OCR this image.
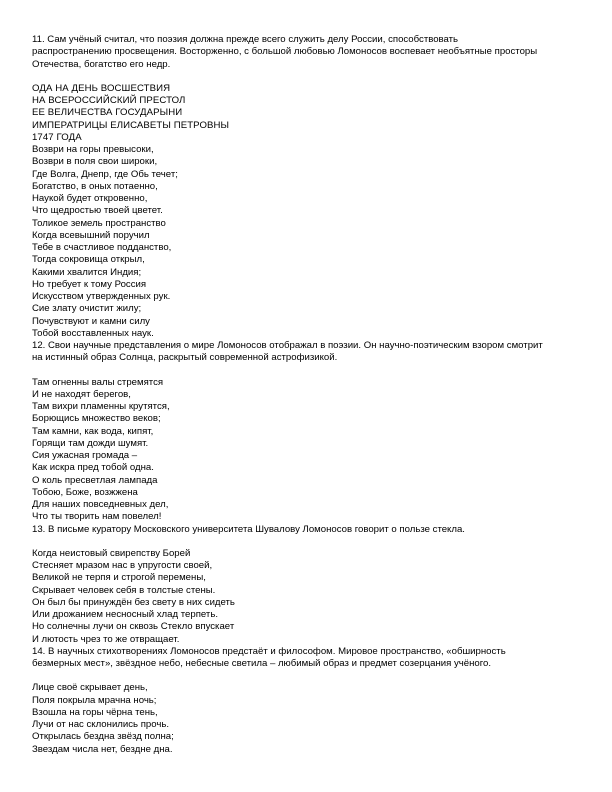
11. Сам учёный считал, что поэзия должна прежде всего служить делу России, способствовать
распространению просвещения. Восторженно, с большой любовью Ломоносов воспевает необъятные просторы
Отечества, богатство его недр.
ОДА НА ДЕНЬ ВОСШЕСТВИЯ
НА ВСЕРОССИЙСКИЙ ПРЕСТОЛ
ЕЕ ВЕЛИЧЕСТВА ГОСУДАРЫНИ
ИМПЕРАТРИЦЫ ЕЛИСАВЕТЫ ПЕТРОВНЫ
1747 ГОДА
Возври на горы превысоки,
Возври в поля свои широки,
Где Волга, Днепр, где Обь течет;
Богатство, в оных потаенно,
Наукой будет откровенно,
Что щедростью твоей цветет.
Толикое земель пространство
Когда всевышний поручил
Тебе в счастливое подданство,
Тогда сокровища открыл,
Какими хвалится Индия;
Но требует к тому Россия
Искусством утвержденных рук.
Сие злату очистит жилу;
Почувствуют и камни силу
Тобой восставленных наук.
12. Свои научные представления о мире Ломоносов отображал в поэзии. Он научно-поэтическим взором смотрит
на истинный образ Солнца, раскрытый современной астрофизикой.
Там огненны валы стремятся
И не находят берегов,
Там вихри пламенны крутятся,
Борющись множество веков;
Там камни, как вода, кипят,
Горящи там дожди шумят.
Сия ужасная громада –
Как искра пред тобой одна.
О коль пресветлая лампада
Тобою, Боже, возжжена
Для наших повседневных дел,
Что ты творить нам повелел!
13. В письме куратору Московского университета Шувалову Ломоносов говорит о пользе стекла.
Когда неистовый свирепству Борей
Стесняет мразом нас в упругости своей,
Великой не терпя и строгой перемены,
Скрывает человек себя в толстые стены.
Он был бы принуждён без свету в них сидеть
Или дрожанием несносный хлад терпеть.
Но солнечны лучи он сквозь Стекло впускает
И лютость чрез то же отвращает.
14. В научных стихотворениях Ломоносов предстаёт и философом. Мировое пространство, «обширность
безмерных мест», звёздное небо, небесные светила – любимый образ и предмет созерцания учёного.
Лице своё скрывает день,
Поля покрыла мрачна ночь;
Взошла на горы чёрна тень,
Лучи от нас склонились прочь.
Открылась бездна звёзд полна;
Звездам числа нет, бездне дна.
